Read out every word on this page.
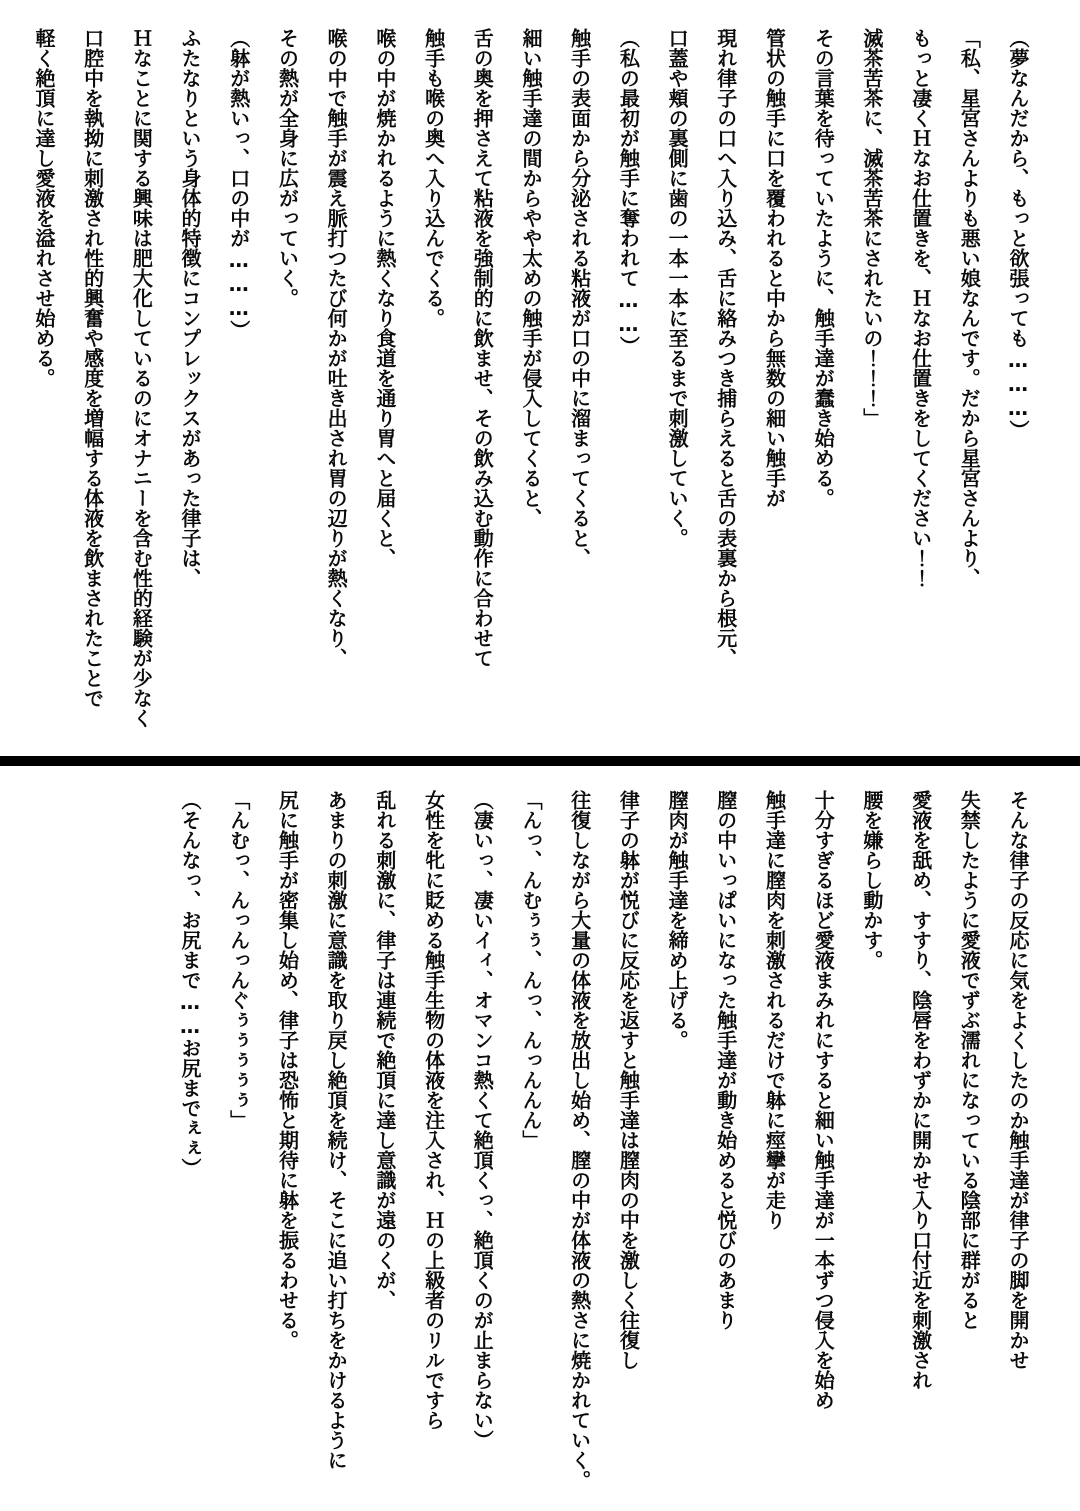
（夢なんだから、もっと欲張っても………）

「私、星宮さんよりも悪い娘なんです。だから星宮さんより、

もっと凄くＨなお仕置きを、Ｈなお仕置きをしてください！！

滅茶苦茶に、滅茶苦茶にされたいの！！！」

その言葉を待っていたように、触手達が蠢き始める。

管状の触手に口を覆われると中から無数の細い触手が

現れ律子の口へ入り込み、舌に絡みつき捕らえると舌の表裏から根元、

口蓋や頬の裏側に歯の一本一本に至るまで刺激していく。

（私の最初が触手に奪われて……）

触手の表面から分泌される粘液が口の中に溜まってくると、

細い触手達の間からやや太めの触手が侵入してくると、

舌の奥を押さえて粘液を強制的に飲ませ、その飲み込む動作に合わせて

触手も喉の奥へ入り込んでくる。

喉の中が焼かれるように熱くなり食道を通り胃へと届くと、

喉の中で触手が震え脈打つたび何かが吐き出され胃の辺りが熱くなり、

その熱が全身に広がっていく。

（躰が熱いっ、口の中が………）

ふたなりという身体的特徴にコンプレックスがあった律子は、

Ｈなことに関する興味は肥大化しているのにオナニーを含む性的経験が少なく

口腔中を執拗に刺激され性的興奮や感度を増幅する体液を飲まされたことで

軽く絶頂に達し愛液を溢れさせ始める。

そんな律子の反応に気をよくしたのか触手達が律子の脚を開かせ

失禁したように愛液でずぶ濡れになっている陰部に群がると

愛液を舐め、すすり、陰唇をわずかに開かせ入り口付近を刺激され

腰を嫌らし動かす。

十分すぎるほど愛液まみれにすると細い触手達が一本ずつ侵入を始め

触手達に膣肉を刺激されるだけで躰に痙攣が走り

膣の中いっぱいになった触手達が動き始めると悦びのあまり

膣肉が触手達を締め上げる。

律子の躰が悦びに反応を返すと触手達は膣肉の中を激しく往復し

往復しながら大量の体液を放出し始め、膣の中が体液の熱さに焼かれていく。

「んっ、んむぅぅ、んっ、んっんんん」

（凄いっ、凄いイィ、オマンコ熱くて絶頂くっ、絶頂くのが止まらない）

女性を牝に貶める触手生物の体液を注入され、Ｈの上級者のリルですら

乱れる刺激に、律子は連続で絶頂に達し意識が遠のくが、

あまりの刺激に意識を取り戻し絶頂を続け、そこに追い打ちをかけるように

尻に触手が密集し始め、律子は恐怖と期待に躰を振るわせる。

「んむっ、んっんっんぐぅぅぅぅぅ」

（そんなっ、お尻まで……お尻までぇぇ）
